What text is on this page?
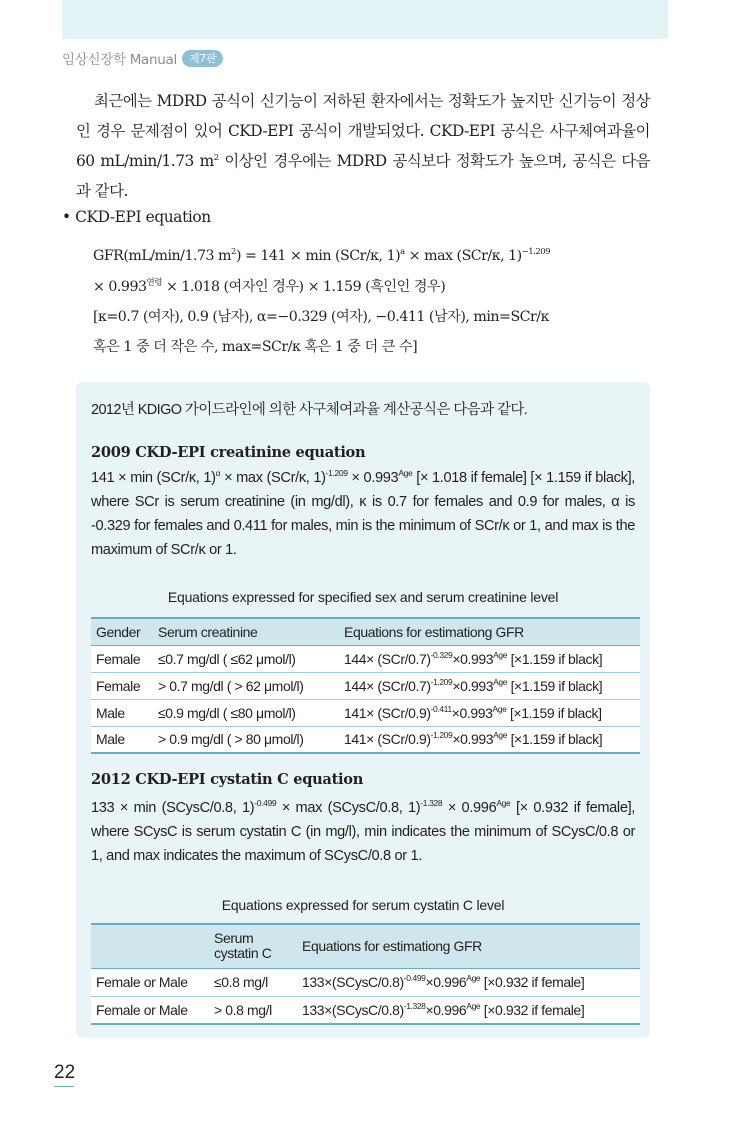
임상신장학 Manual	제7판

최근에는 MDRD 공식이 신기능이 저하된 환자에서는 정확도가 높지만 신기능이 정상인 경우 문제점이 있어 CKD-EPI 공식이 개발되었다. CKD-EPI 공식은 사구체여과율이 60 mL/min/1.73 $m^2$ 이상인 경우에는 MDRD 공식보다 정확도가 높으며, 공식은 다음과 같다.

• CKD-EPI equation
GFR(mL/min/1.73 $m^2) = 141 \times \min (SCr/\kappa$, 1)$^a$ × max (SCr/κ, 1)$^{-1.209}$
× $0.993^{연령} \times 1.018$ (여자인 경우) × 1.159 (흑인인 경우)
[κ=0.7 (여자), 0.9 (남자), α=−0.329 (여자), −0.411 (남자), min=SCr/κ
혹은 1 중 더 작은 수, max=SCr/κ 혹은 1 중 더 큰 수]
2012년 KDIGO 가이드라인에 의한 사구체여과율 계산공식은 다음과 같다.
2009 CKD-EPI creatinine equation
141 × min (SCr/κ, 1)$^\alpha$ × max (SCr/κ, $1)^{-1.209} \times 0.993^{Age}$ [× 1.018 if female] [× 1.159 if black], where SCr is serum creatinine (in mg/dl), κ is 0.7 for females and 0.9 for males, α is -0.329 for females and 0.411 for males, min is the minimum of SCr/κ or 1, and max is the maximum of SCr/κ or 1.
Equations expressed for specified sex and serum creatinine level
Gender	Serum creatinine	Equations for estimationg GFR
Female	≤0.7 mg/dl ( ≤62 μmol/l)	$144\times (SCr/0.7)^{-0.329}\times 0.993^{Age}$ [×1.159 if black]
Female	> 0.7 mg/dl ( > 62 μmol/l)	$144\times (SCr/0.7)^{-1.209}\times 0.993^{Age}$ [×1.159 if black]
Male	≤0.9 mg/dl ( ≤80 μmol/l)	$141\times (SCr/0.9)^{-0.411}\times 0.993^{Age}$ [×1.159 if black]
Male	> 0.9 mg/dl ( > 80 μmol/l)	$141\times (SCr/0.9)^{-1.209}\times 0.993^{Age}$ [×1.159 if black]
2012 CKD-EPI cystatin C equation
133 × min (SCysC/0.8, 1)$^{-0.499}$ × max (SCysC/0.8, $1)^{-1.328} \times 0.996^{Age}$ [× 0.932 if female], where SCysC is serum cystatin C (in mg/l), min indicates the minimum of SCysC/0.8 or 1, and max indicates the maximum of SCysC/0.8 or 1.
Equations expressed for serum cystatin C level
	Serum cystatin C	Equations for estimationg GFR
Female or Male	≤0.8 mg/l	$133\times(SCysC/0.8)^{-0.499}\times 0.996^{Age}$ [×0.932 if female]
Female or Male	> 0.8 mg/l	$133\times(SCysC/0.8)^{-1.328}\times 0.996^{Age}$ [×0.932 if female]
22
